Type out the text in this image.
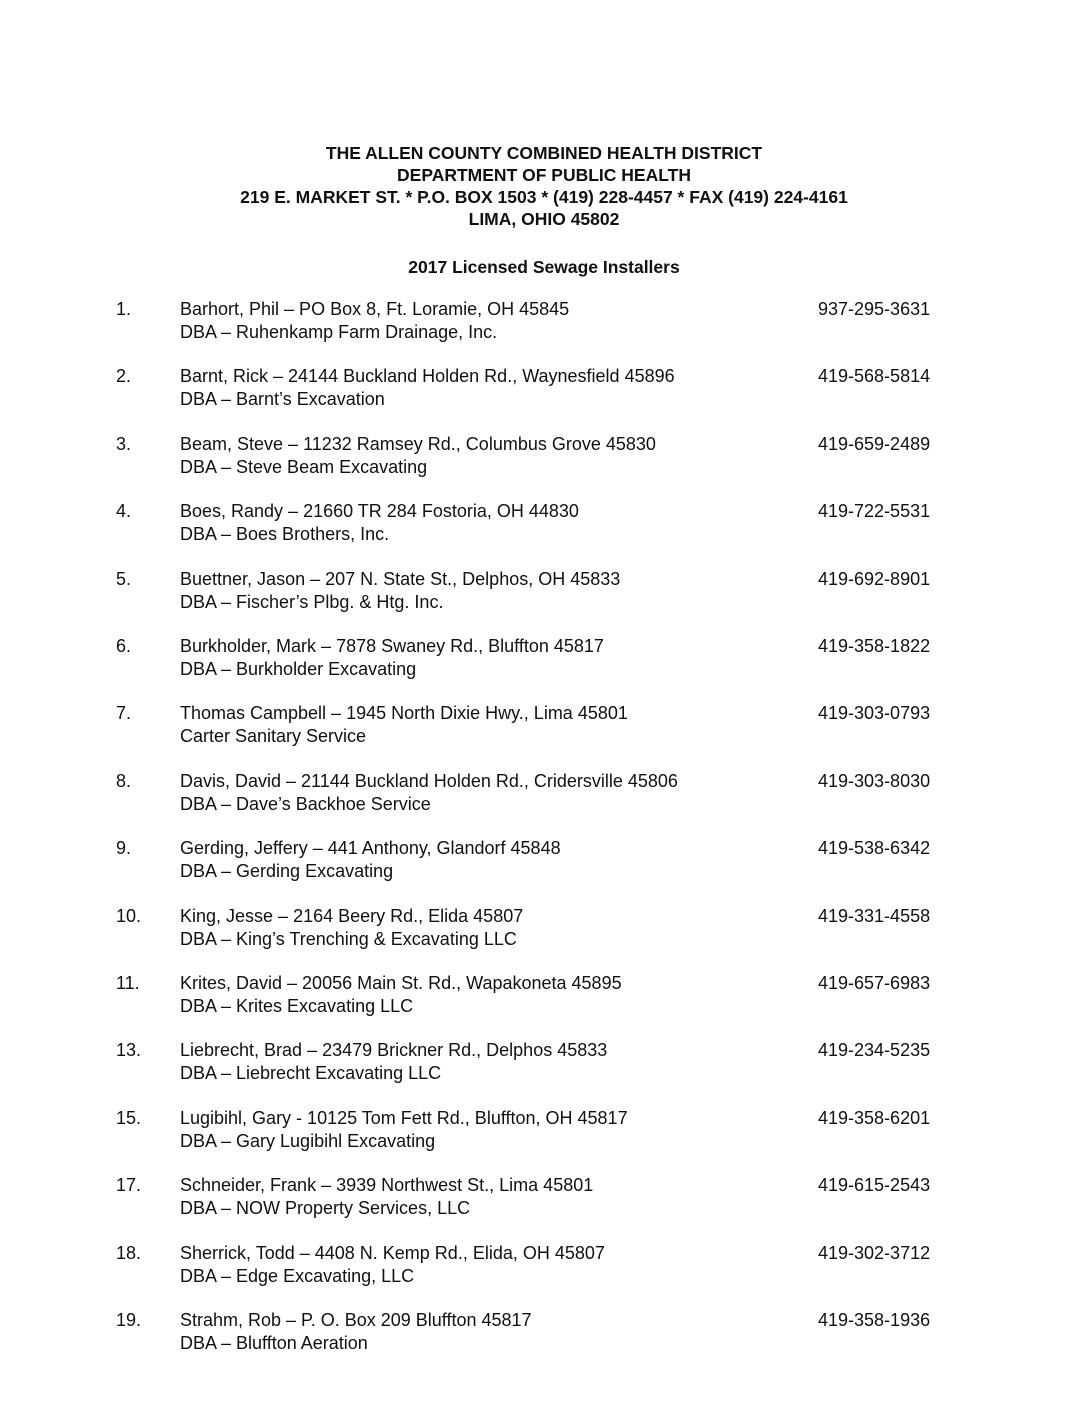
THE ALLEN COUNTY COMBINED HEALTH DISTRICT
DEPARTMENT OF PUBLIC HEALTH
219 E. MARKET ST. * P.O. BOX 1503 * (419) 228-4457 * FAX (419) 224-4161
LIMA, OHIO 45802
2017 Licensed Sewage Installers
1.	Barhort, Phil – PO Box 8, Ft. Loramie, OH 45845
DBA – Ruhenkamp Farm Drainage, Inc.
937-295-3631
2.	Barnt, Rick – 24144 Buckland Holden Rd., Waynesfield 45896
DBA – Barnt’s Excavation
419-568-5814
3.	Beam, Steve – 11232 Ramsey Rd., Columbus Grove 45830
DBA – Steve Beam Excavating
419-659-2489
4.	Boes, Randy – 21660 TR 284 Fostoria, OH 44830
DBA – Boes Brothers, Inc.
419-722-5531
5.	Buettner, Jason – 207 N. State St., Delphos, OH 45833
DBA – Fischer’s Plbg. & Htg. Inc.
419-692-8901
6.	Burkholder, Mark – 7878 Swaney Rd., Bluffton 45817
DBA – Burkholder Excavating
419-358-1822
7.	Thomas Campbell – 1945 North Dixie Hwy., Lima 45801
Carter Sanitary Service
419-303-0793
8.	Davis, David – 21144 Buckland Holden Rd., Cridersville 45806
DBA – Dave’s Backhoe Service
419-303-8030
9.	Gerding, Jeffery – 441 Anthony, Glandorf 45848
DBA – Gerding Excavating
419-538-6342
10. King, Jesse – 2164 Beery Rd., Elida 45807
DBA – King’s Trenching & Excavating LLC
419-331-4558
11. Krites, David – 20056 Main St. Rd., Wapakoneta 45895
DBA – Krites Excavating LLC
419-657-6983
13. Liebrecht, Brad – 23479 Brickner Rd., Delphos 45833
DBA – Liebrecht Excavating LLC
419-234-5235
15. Lugibihl, Gary - 10125 Tom Fett Rd., Bluffton, OH 45817
DBA – Gary Lugibihl Excavating
419-358-6201
17. Schneider, Frank – 3939 Northwest St., Lima 45801
DBA – NOW Property Services, LLC
419-615-2543
18. Sherrick, Todd – 4408 N. Kemp Rd., Elida, OH 45807
DBA – Edge Excavating, LLC
419-302-3712
19. Strahm, Rob – P. O. Box 209 Bluffton 45817
DBA – Bluffton Aeration
419-358-1936
